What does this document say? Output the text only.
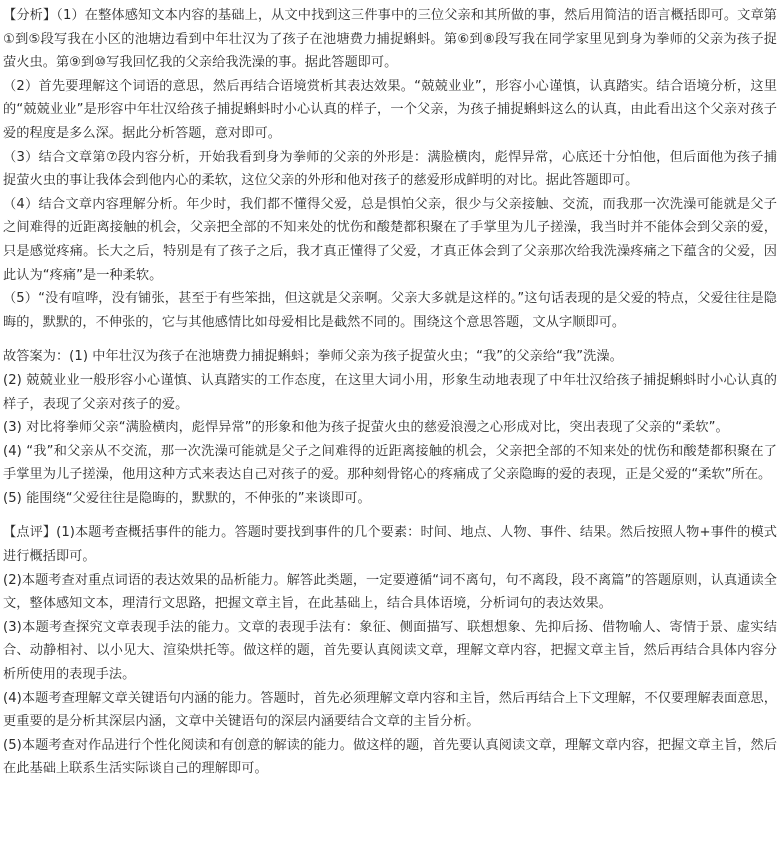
【分析】（1）在整体感知文本内容的基础上，从文中找到这三件事中的三位父亲和其所做的事，然后用简洁的语言概括即可。文章第①到⑤段写我在小区的池塘边看到中年壮汉为了孩子在池塘费力捕捉蝌蚪。第⑥到⑧段写我在同学家里见到身为拳师的父亲为孩子捉萤火虫。第⑨到⑩写我回忆我的父亲给我洗澡的事。据此答题即可。

（2）首先要理解这个词语的意思，然后再结合语境赏析其表达效果。“兢兢业业”，形容小心谨慎，认真踏实。结合语境分析，这里的“兢兢业业”是形容中年壮汉给孩子捕捉蝌蚪时小心认真的样子，一个父亲，为孩子捕捉蝌蚪这么的认真，由此看出这个父亲对孩子爱的程度是多么深。据此分析答题，意对即可。

（3）结合文章第⑦段内容分析，开始我看到身为拳师的父亲的外形是：满脸横肉，彪悍异常，心底还十分怕他，但后面他为孩子捕捉萤火虫的事让我体会到他内心的柔软，这位父亲的外形和他对孩子的慈爱形成鲜明的对比。据此答题即可。

（4）结合文章内容理解分析。年少时，我们都不懂得父爱，总是惧怕父亲，很少与父亲接触、交流，而我那一次洗澡可能就是父子之间难得的近距离接触的机会，父亲把全部的不知来处的忧伤和酸楚都积聚在了手掌里为儿子搓澡，我当时并不能体会到父亲的爱，只是感觉疼痛。长大之后，特别是有了孩子之后，我才真正懂得了父爱，才真正体会到了父亲那次给我洗澡疼痛之下蕴含的父爱，因此认为“疼痛”是一种柔软。

（5）“没有喧哗，没有铺张，甚至于有些笨拙，但这就是父亲啊。父亲大多就是这样的。”这句话表现的是父爱的特点，父爱往往是隐晦的，默默的，不伸张的，它与其他感情比如母爱相比是截然不同的。围绕这个意思答题，文从字顺即可。

故答案为：(1) 中年壮汉为孩子在池塘费力捕捉蝌蚪；拳师父亲为孩子捉萤火虫；“我”的父亲给“我”洗澡。

(2) 兢兢业业一般形容小心谨慎、认真踏实的工作态度，在这里大词小用，形象生动地表现了中年壮汉给孩子捕捉蝌蚪时小心认真的样子，表现了父亲对孩子的爱。

(3) 对比将拳师父亲“满脸横肉，彪悍异常”的形象和他为孩子捉萤火虫的慈爱浪漫之心形成对比，突出表现了父亲的“柔软”。

(4) “我”和父亲从不交流，那一次洗澡可能就是父子之间难得的近距离接触的机会，父亲把全部的不知来处的忧伤和酸楚都积聚在了手掌里为儿子搓澡，他用这种方式来表达自己对孩子的爱。那种刻骨铭心的疼痛成了父亲隐晦的爱的表现，正是父爱的“柔软”所在。

(5) 能围绕“父爱往往是隐晦的，默默的，不伸张的”来谈即可。

【点评】(1)本题考查概括事件的能力。答题时要找到事件的几个要素：时间、地点、人物、事件、结果。然后按照人物+事件的模式进行概括即可。

(2)本题考查对重点词语的表达效果的品析能力。解答此类题，一定要遵循“词不离句，句不离段，段不离篇”的答题原则，认真通读全文，整体感知文本，理清行文思路，把握文章主旨，在此基础上，结合具体语境，分析词句的表达效果。

(3)本题考查探究文章表现手法的能力。文章的表现手法有：象征、侧面描写、联想想象、先抑后扬、借物喻人、寄情于景、虚实结合、动静相衬、以小见大、渲染烘托等。做这样的题，首先要认真阅读文章，理解文章内容，把握文章主旨，然后再结合具体内容分析所使用的表现手法。

(4)本题考查理解文章关键语句内涵的能力。答题时，首先必须理解文章内容和主旨，然后再结合上下文理解，不仅要理解表面意思，更重要的是分析其深层内涵，文章中关键语句的深层内涵要结合文章的主旨分析。

(5)本题考查对作品进行个性化阅读和有创意的解读的能力。做这样的题，首先要认真阅读文章，理解文章内容，把握文章主旨，然后在此基础上联系生活实际谈自己的理解即可。
